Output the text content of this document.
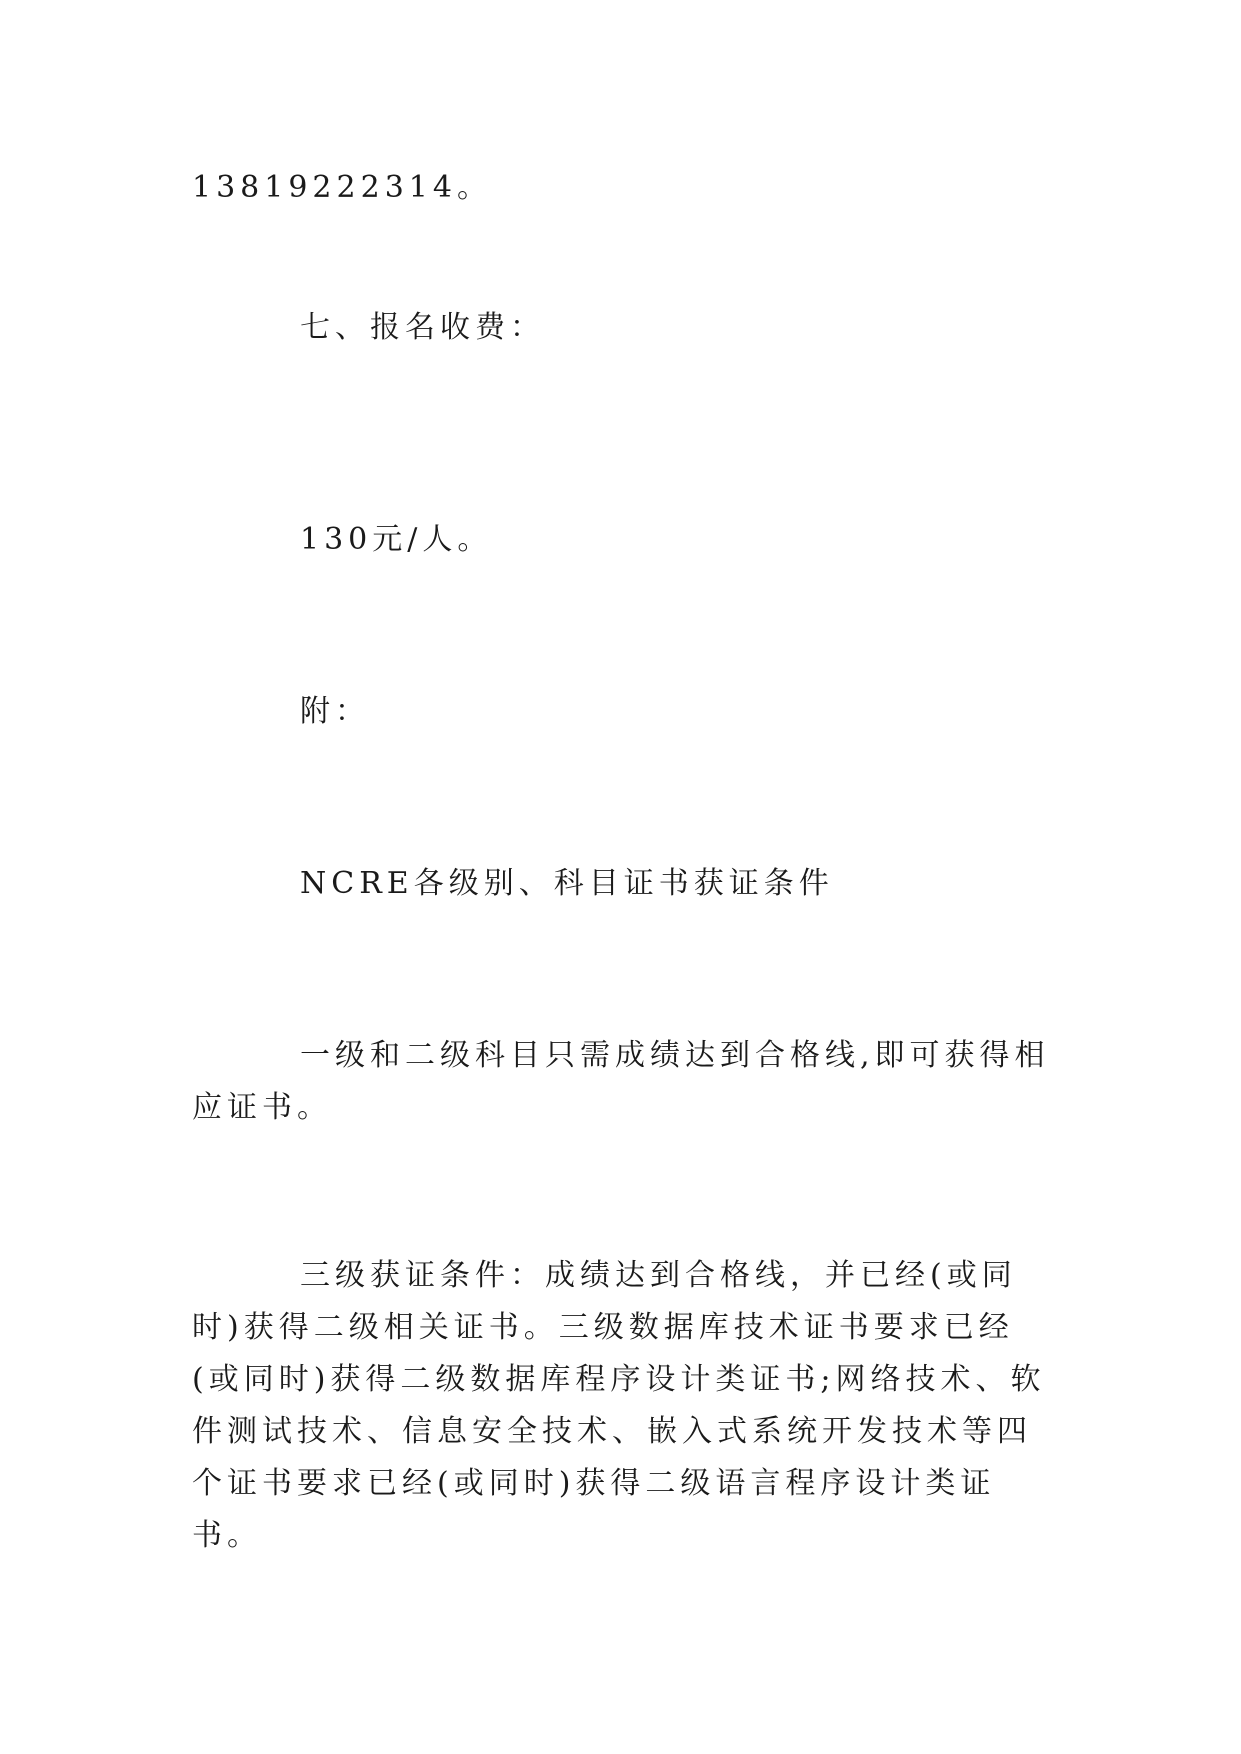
13819222314。

七、报名收费：

130元/人。

附：

NCRE各级别、科目证书获证条件

一级和二级科目只需成绩达到合格线,即可获得相应证书。

三级获证条件：成绩达到合格线，并已经(或同时)获得二级相关证书。三级数据库技术证书要求已经(或同时)获得二级数据库程序设计类证书;网络技术、软件测试技术、信息安全技术、嵌入式系统开发技术等四个证书要求已经(或同时)获得二级语言程序设计类证书。
